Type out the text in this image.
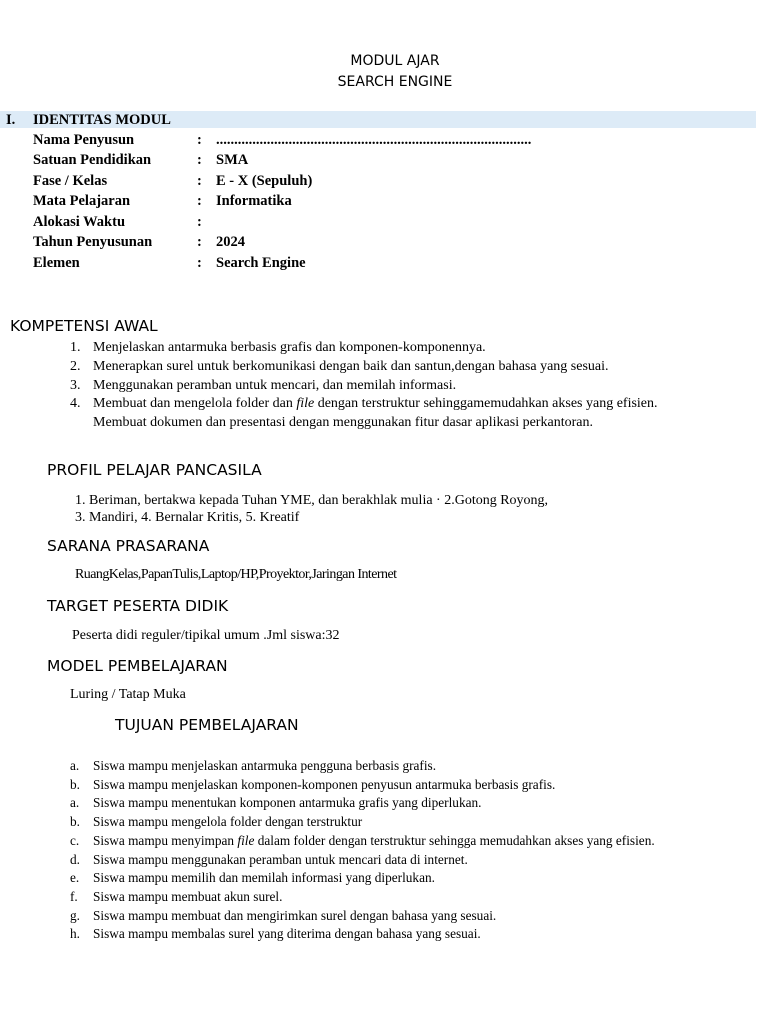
MODUL AJAR
SEARCH ENGINE
I. IDENTITAS MODUL
Nama Penyusun	: .......................................................................................
Satuan Pendidikan	: SMA
Fase / Kelas	: E - X (Sepuluh)
Mata Pelajaran	: Informatika
Alokasi Waktu	:
Tahun Penyusunan	: 2024
Elemen	: Search Engine
KOMPETENSI AWAL
1. Menjelaskan antarmuka berbasis grafis dan komponen-komponennya.
2. Menerapkan surel untuk berkomunikasi dengan baik dan santun,dengan bahasa yang sesuai.
3. Menggunakan peramban untuk mencari, dan memilah informasi.
4. Membuat dan mengelola folder dan file dengan terstruktur sehinggamemudahkan akses yang efisien. Membuat dokumen dan presentasi dengan menggunakan fitur dasar aplikasi perkantoran.
PROFIL PELAJAR PANCASILA
1. Beriman, bertakwa kepada Tuhan YME, dan berakhlak mulia · 2.Gotong Royong,
3. Mandiri, 4. Bernalar Kritis, 5. Kreatif
SARANA PRASARANA
RuangKelas,PapanTulis,Laptop/HP,Proyektor,Jaringan Internet
TARGET PESERTA DIDIK
Peserta didi reguler/tipikal umum .Jml siswa:32
MODEL PEMBELAJARAN
Luring / Tatap Muka
TUJUAN PEMBELAJARAN
a. Siswa mampu menjelaskan antarmuka pengguna berbasis grafis.
b. Siswa mampu menjelaskan komponen-komponen penyusun antarmuka berbasis grafis.
a. Siswa mampu menentukan komponen antarmuka grafis yang diperlukan.
b. Siswa mampu mengelola folder dengan terstruktur
c. Siswa mampu menyimpan file dalam folder dengan terstruktur sehingga memudahkan akses yang efisien.
d. Siswa mampu menggunakan peramban untuk mencari data di internet.
e. Siswa mampu memilih dan memilah informasi yang diperlukan.
f. Siswa mampu membuat akun surel.
g. Siswa mampu membuat dan mengirimkan surel dengan bahasa yang sesuai.
h. Siswa mampu membalas surel yang diterima dengan bahasa yang sesuai.
